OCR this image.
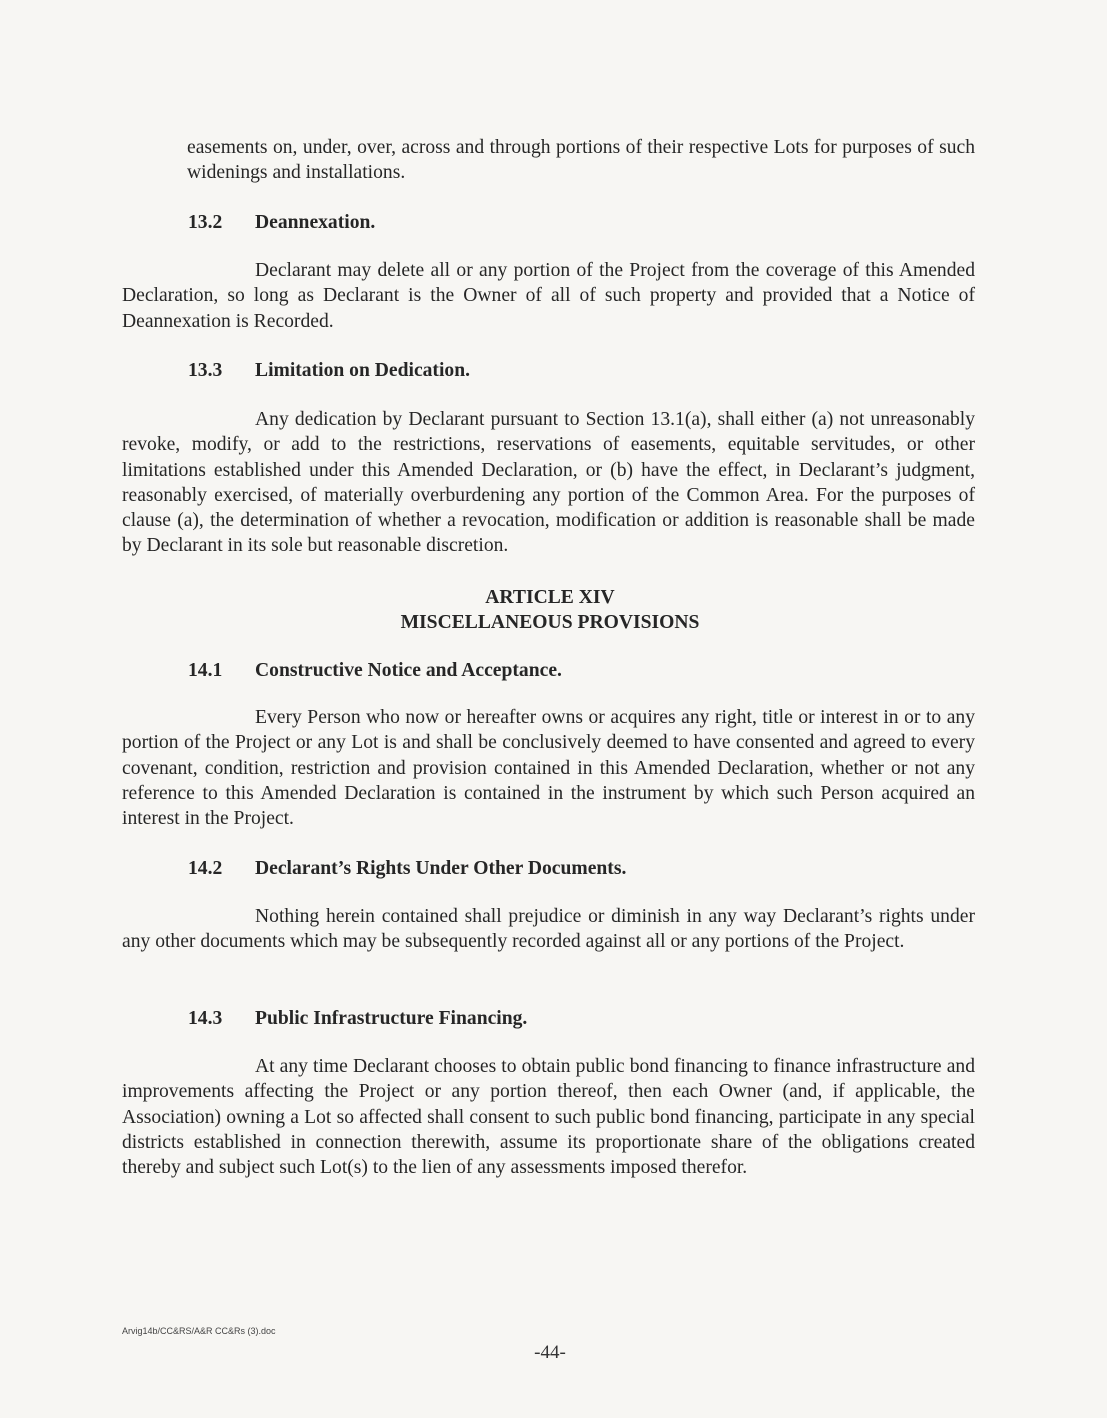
easements on, under, over, across and through portions of their respective Lots for purposes of such widenings and installations.

13.2 Deannexation.

Declarant may delete all or any portion of the Project from the coverage of this Amended Declaration, so long as Declarant is the Owner of all of such property and provided that a Notice of Deannexation is Recorded.

13.3 Limitation on Dedication.

Any dedication by Declarant pursuant to Section 13.1(a), shall either (a) not unreasonably revoke, modify, or add to the restrictions, reservations of easements, equitable servitudes, or other limitations established under this Amended Declaration, or (b) have the effect, in Declarant’s judgment, reasonably exercised, of materially overburdening any portion of the Common Area. For the purposes of clause (a), the determination of whether a revocation, modification or addition is reasonable shall be made by Declarant in its sole but reasonable discretion.

ARTICLE XIV

MISCELLANEOUS PROVISIONS

14.1 Constructive Notice and Acceptance.

Every Person who now or hereafter owns or acquires any right, title or interest in or to any portion of the Project or any Lot is and shall be conclusively deemed to have consented and agreed to every covenant, condition, restriction and provision contained in this Amended Declaration, whether or not any reference to this Amended Declaration is contained in the instrument by which such Person acquired an interest in the Project.

14.2 Declarant’s Rights Under Other Documents.

Nothing herein contained shall prejudice or diminish in any way Declarant’s rights under any other documents which may be subsequently recorded against all or any portions of the Project.

14.3 Public Infrastructure Financing.

At any time Declarant chooses to obtain public bond financing to finance infrastructure and improvements affecting the Project or any portion thereof, then each Owner (and, if applicable, the Association) owning a Lot so affected shall consent to such public bond financing, participate in any special districts established in connection therewith, assume its proportionate share of the obligations created thereby and subject such Lot(s) to the lien of any assessments imposed therefor.

Arvig14b/CC&RS/A&R CC&Rs (3).doc
-44-
